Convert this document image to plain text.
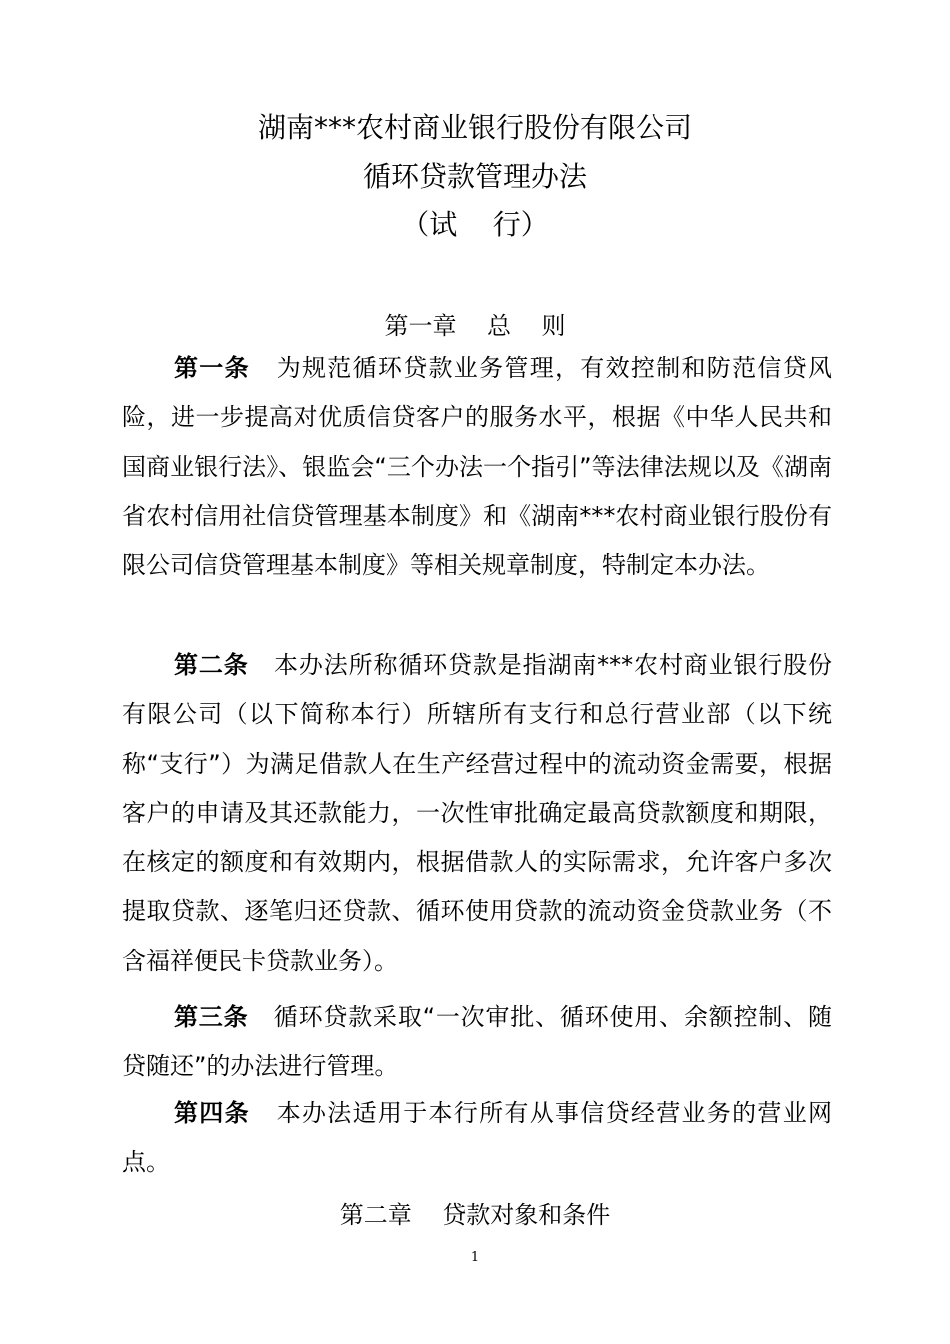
湖南***农村商业银行股份有限公司
循环贷款管理办法
（试    行）
第一章    总    则

第一条 为规范循环贷款业务管理，有效控制和防范信贷风险，进一步提高对优质信贷客户的服务水平，根据《中华人民共和国商业银行法》、银监会“三个办法一个指引”等法律法规以及《湖南省农村信用社信贷管理基本制度》和《湖南***农村商业银行股份有限公司信贷管理基本制度》等相关规章制度，特制定本办法。

第二条 本办法所称循环贷款是指湖南***农村商业银行股份有限公司（以下简称本行）所辖所有支行和总行营业部（以下统称“支行”）为满足借款人在生产经营过程中的流动资金需要，根据客户的申请及其还款能力，一次性审批确定最高贷款额度和期限，在核定的额度和有效期内，根据借款人的实际需求，允许客户多次提取贷款、逐笔归还贷款、循环使用贷款的流动资金贷款业务（不含福祥便民卡贷款业务）。

第三条 循环贷款采取“一次审批、循环使用、余额控制、随贷随还”的办法进行管理。

第四条 本办法适用于本行所有从事信贷经营业务的营业网点。

第二章    贷款对象和条件
1
